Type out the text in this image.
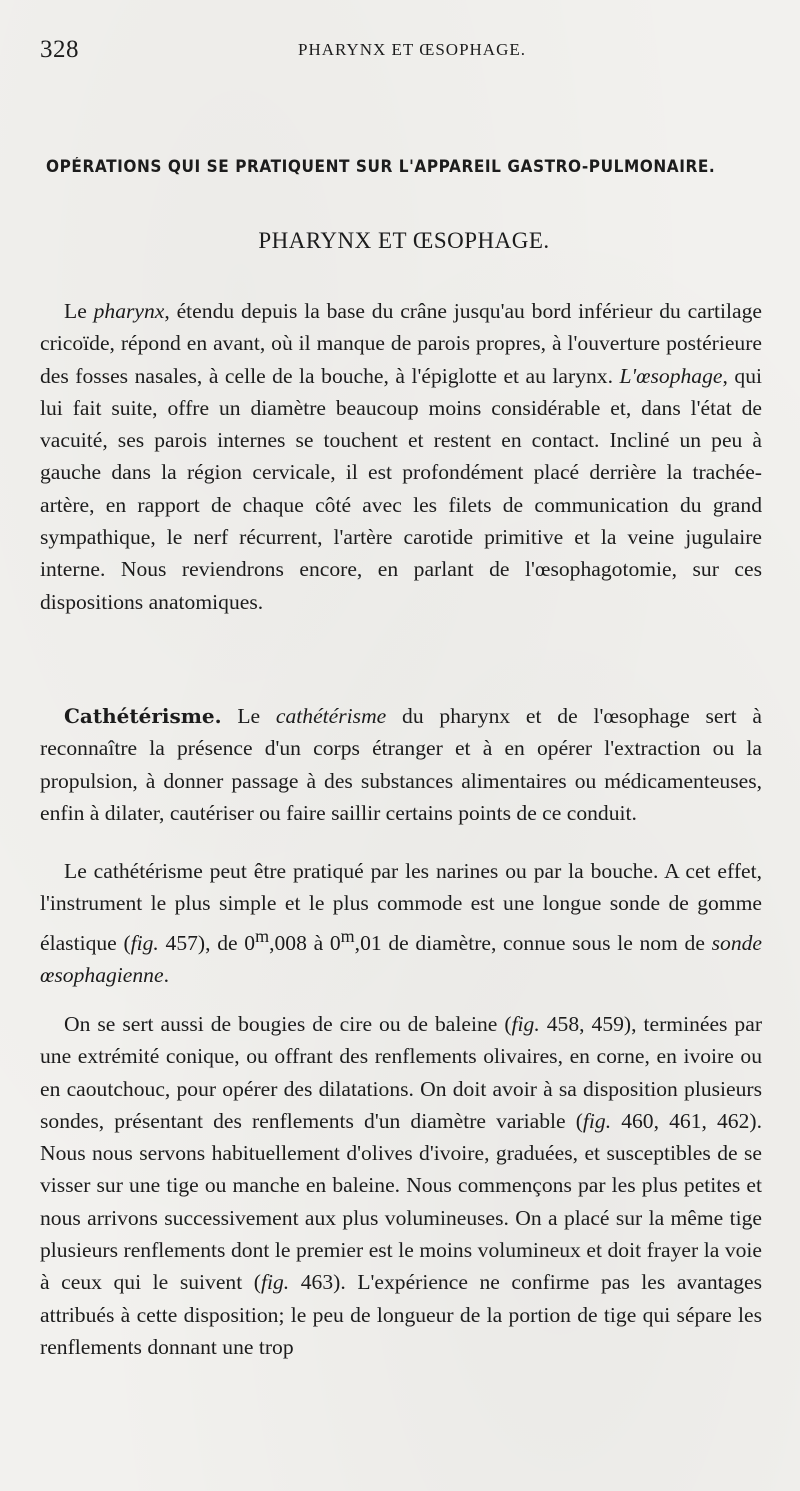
328	PHARYNX ET ŒSOPHAGE.
OPÉRATIONS QUI SE PRATIQUENT SUR L'APPAREIL GASTRO-PULMONAIRE.
PHARYNX ET ŒSOPHAGE.

Le pharynx, étendu depuis la base du crâne jusqu'au bord inférieur du cartilage cricoïde, répond en avant, où il manque de parois propres, à l'ouverture postérieure des fosses nasales, à celle de la bouche, à l'épiglotte et au larynx. L'œsophage, qui lui fait suite, offre un diamètre beaucoup moins considérable et, dans l'état de vacuité, ses parois internes se touchent et restent en contact. Incliné un peu à gauche dans la région cervicale, il est profondément placé derrière la trachée-artère, en rapport de chaque côté avec les filets de communication du grand sympathique, le nerf récurrent, l'artère carotide primitive et la veine jugulaire interne. Nous reviendrons encore, en parlant de l'œsophagotomie, sur ces dispositions anatomiques.

Cathétérisme. Le cathétérisme du pharynx et de l'œsophage sert à reconnaître la présence d'un corps étranger et à en opérer l'extraction ou la propulsion, à donner passage à des substances alimentaires ou médicamenteuses, enfin à dilater, cautériser ou faire saillir certains points de ce conduit.

Le cathétérisme peut être pratiqué par les narines ou par la bouche. A cet effet, l'instrument le plus simple et le plus commode est une longue sonde de gomme élastique (fig. 457), de 0$^m$,008 à 0$^m$,01 de diamètre, connue sous le nom de sonde œsophagienne.

On se sert aussi de bougies de cire ou de baleine (fig. 458, 459), terminées par une extrémité conique, ou offrant des renflements olivaires, en corne, en ivoire ou en caoutchouc, pour opérer des dilatations. On doit avoir à sa disposition plusieurs sondes, présentant des renflements d'un diamètre variable (fig. 460, 461, 462). Nous nous servons habituellement d'olives d'ivoire, graduées, et susceptibles de se visser sur une tige ou manche en baleine. Nous commençons par les plus petites et nous arrivons successivement aux plus volumineuses. On a placé sur la même tige plusieurs renflements dont le premier est le moins volumineux et doit frayer la voie à ceux qui le suivent (fig. 463). L'expérience ne confirme pas les avantages attribués à cette disposition; le peu de longueur de la portion de tige qui sépare les renflements donnant une trop
